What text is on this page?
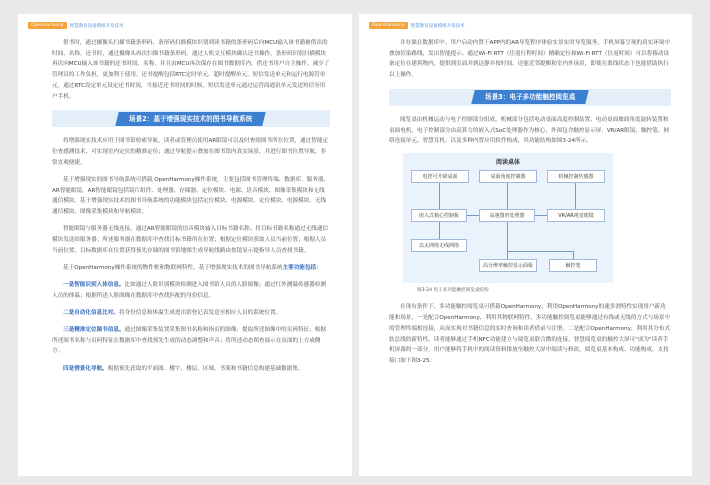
OpenHarmony	智慧教育设备模组开发技术

借书时，通过摄像头扫描书籍条形码、条形码扫描模块识别到读书籍的条形码后向MCU输入该书籍被借出的时间、名称。还书时，通过摄像头再次扫描书籍条形码，通过人机交互模块确认还书操作，条形码识别扫描模块再次向MCU输入该书籍的还书时间、名称，并且由MCU再次保存在图书数据库内。借还书用户自主操作，减少了管理员的工作负担，更加利于使用。还书提醒包括RTC定时单元、超时提醒单元、短信发送单元和运行电源管单元。通过RTC设定单元设定还书时间，当接近还书时间的时候，短信发送单元通过运营商通讯单元发送短信至用户手机。

场景2：基于增强现实技术的图书导航系统

将增强现实技术应用于图书馆检索导航，读者或管理员使用AR眼镜可以及时查阅图书所在位置，通过智能定位查感测技术，可实现室内定位的精准定位；通过导航提示叠加在图书馆内真实场景，并进行图书位置导航，非常直观便捷。

基于增强现实的图书导航系统可搭载 OpenHarmony操作系统，主要包括图书管理终端、数据库、服务器、AR智能眼镜。AR智能眼镜包括镜片组件、处理器、存储器、定位模块、电源、语音模块、图像采集模块和无线通信模块。基于增强现实技术的图书导航系统的功能模块包括定位模块、电源模块、定位模块、电源模块、无线通信模块、图像采集模块和导航模块。

智能眼镜与服务器无线连接，通过AR智能眼镜的语音模块输入目标书籍名称；将目标书籍名称通过无线通信模块发送给服务器；所述服务器在数据库中查找目标书籍所在位置；根据定位模块获取人员当前位置；根据人员当前位置，目标数据库在位置获得预先存储的图书馆地图生成导航线路由按镜显示提指导人员查找书籍。

基于OpenHarmony操作系统的物件框和物联网特性，基于增强现实技术的图书导航系统主要功能包括：

一是智能识别人体信息。比如通过人脸识别模块检测进入图书馆人员的人脸图像；通过红外测温传感器检测人员的体温；根据所述人脸图像在数据库中查找匹配的身份信息。

二是自动化信息比对。将身份信息和体温生成进出馆登记表发送至相应人员的系统位置。

三是精准定位图书信息。通过图像采集装置采集图书名称和指页的图像；提取所述图像中的页码特征；根据所述图书名称与页码特征在数据库中查找预先生成的动态调整和声音；将所述动态图查展示在页面的上方或侧方。

四是情景化导航。根据预先获取的平面图、楼宇、楼层、区域、书架和书籍信息构建基础数据集，

OpenHarmony	智慧教育设备模组开发技术

并存储在数据库中。用户启动内置于APP内的AR导览程序体验实景实时导览服务，手机屏幕呈现的真实环境中叠加渲染路线，发出智能提示。通过Wi-Fi RTT（往返行程时间）精确定位和Wi-Fi RTT（往返时间）可以将移动设备定位在建筑物内，提供到室面并到达静乡按时间，还能近邻提醒和室内外场景，即使在离线状态下也能借助执行以上操作。

场景3：电子多功能触控阅览桌

阅览桌由机械运动与电子控制部分组成。机械部分包括电动桌面高度控制装置、电动桌面坡面角度旋转装置和桌面电机。电子控制部分由高算力的嵌入式SoC处理器作为核心，外围包含触控显示屏、VR/AR眼镜、触控笔、网络连接单元、智慧耳机，以及多种内置应用软件构成，其功能结构如图3-24所示。

阅读桌体
电控可升降桌面	桌面角度控制器	机械控制传感器
嵌入式核心控制板	高速图形处理器	VR/AR视觉眼镜
以太网络无线网络
高分辨率触控显示面板	触控笔
图3-24 电子多功能触控阅览桌结构

在现有条件下，多功能触控阅览桌可搭载OpenHarmony，利用OpenHarmony的速多割特性实现用户新功能和场景，一是配合OpenHarmony，利用其物联网特性，多功能触控阅览桌能够通过有线或无线的方式与场景中的管理终端相连接，从而实现对书籍信息的实时查询和读者借录与注册。二是配合OpenHarmony，利用其分布式软总线的新特性，读者能够通过手机NFC功能建立与阅览桌联合微的连接，智慧阅览桌的触控大屏可"成为"读者手机屏幕的一部分，用户能够将手机中的阅读资料推放至触控大屏中阅读与修改，阅览桌基本构成、功能构成、支持接口如下图3-25：
